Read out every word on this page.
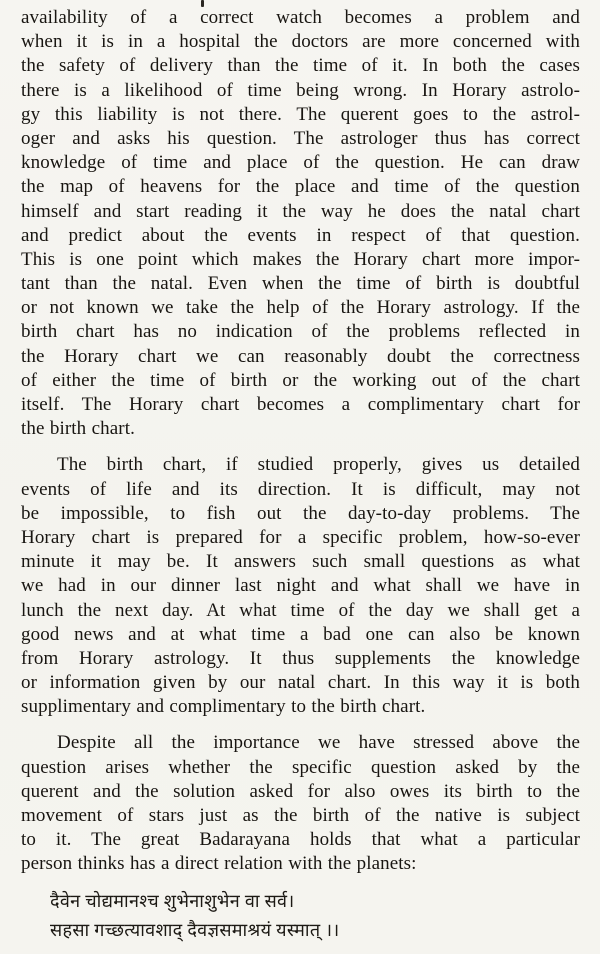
availability of a correct watch becomes a problem and
when it is in a hospital the doctors are more concerned with
the safety of delivery than the time of it. In both the cases
there is a likelihood of time being wrong. In Horary astrolo-
gy this liability is not there. The querent goes to the astrol-
oger and asks his question. The astrologer thus has correct
knowledge of time and place of the question. He can draw
the map of heavens for the place and time of the question
himself and start reading it the way he does the natal chart
and predict about the events in respect of that question.
This is one point which makes the Horary chart more impor-
tant than the natal. Even when the time of birth is doubtful
or not known we take the help of the Horary astrology. If the
birth chart has no indication of the problems reflected in
the Horary chart we can reasonably doubt the correctness
of either the time of birth or the working out of the chart
itself. The Horary chart becomes a complimentary chart for
the birth chart.
The birth chart, if studied properly, gives us detailed
events of life and its direction. It is difficult, may not
be impossible, to fish out the day-to-day problems. The
Horary chart is prepared for a specific problem, how-so-ever
minute it may be. It answers such small questions as what
we had in our dinner last night and what shall we have in
lunch the next day. At what time of the day we shall get a
good news and at what time a bad one can also be known
from Horary astrology. It thus supplements the knowledge
or information given by our natal chart. In this way it is both
supplimentary and complimentary to the birth chart.
Despite all the importance we have stressed above the
question arises whether the specific question asked by the
querent and the solution asked for also owes its birth to the
movement of stars just as the birth of the native is subject
to it. The great Badarayana holds that what a particular
person thinks has a direct relation with the planets:
दैवेन चोद्यमानश्च शुभेनाशुभेन वा सर्व।
सहसा गच्छत्यावशाद् दैवज्ञसमाश्रयं यस्मात् ।।
